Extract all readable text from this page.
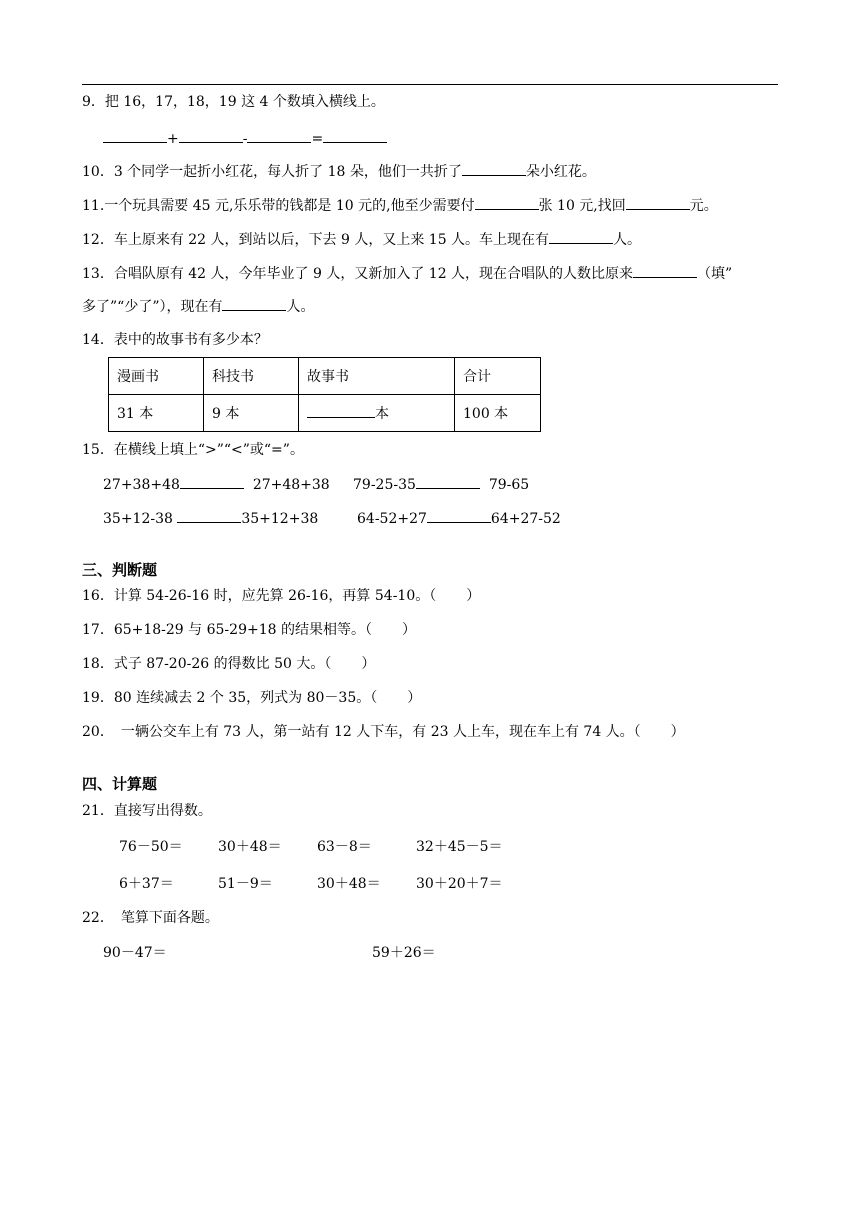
9．把 16，17，18，19 这 4 个数填入横线上。
+	-	=
10．3 个同学一起折小红花，每人折了 18 朵，他们一共折了	朵小红花。
11.一个玩具需要 45 元,乐乐带的钱都是 10 元的,他至少需要付	张 10 元,找回	元。
12．车上原来有 22 人，到站以后，下去 9 人，又上来 15 人。车上现在有	人。
13．合唱队原有 42 人，今年毕业了 9 人，又新加入了 12 人，现在合唱队的人数比原来	（填”
多了”“少了”），现在有	人。
14．表中的故事书有多少本？
漫画书	科技书	故事书	合计
31 本	9 本	本	100 本
15．在横线上填上“>”“<”或“=”。
27+38+48	27+48+38 79-25-35	79-65
35+12-38	35+12+38	64-52+27	64+27-52
三、判断题
16．计算 54-26-16 时，应先算 26-16，再算 54-10。（ ）
17．65+18-29 与 65-29+18 的结果相等。（ ）
18．式子 87-20-26 的得数比 50 大。（ ）
19．80 连续减去 2 个 35，列式为 80－35。（ ）
20．　一辆公交车上有 73 人，第一站有 12 人下车，有 23 人上车，现在车上有 74 人。（ ）
四、计算题
21．直接写出得数。
76－50＝	30＋48＝	63－8＝	32＋45－5＝
6＋37＝	51－9＝	30＋48＝	30＋20＋7＝
22．　笔算下面各题。
90－47＝	59＋26＝
